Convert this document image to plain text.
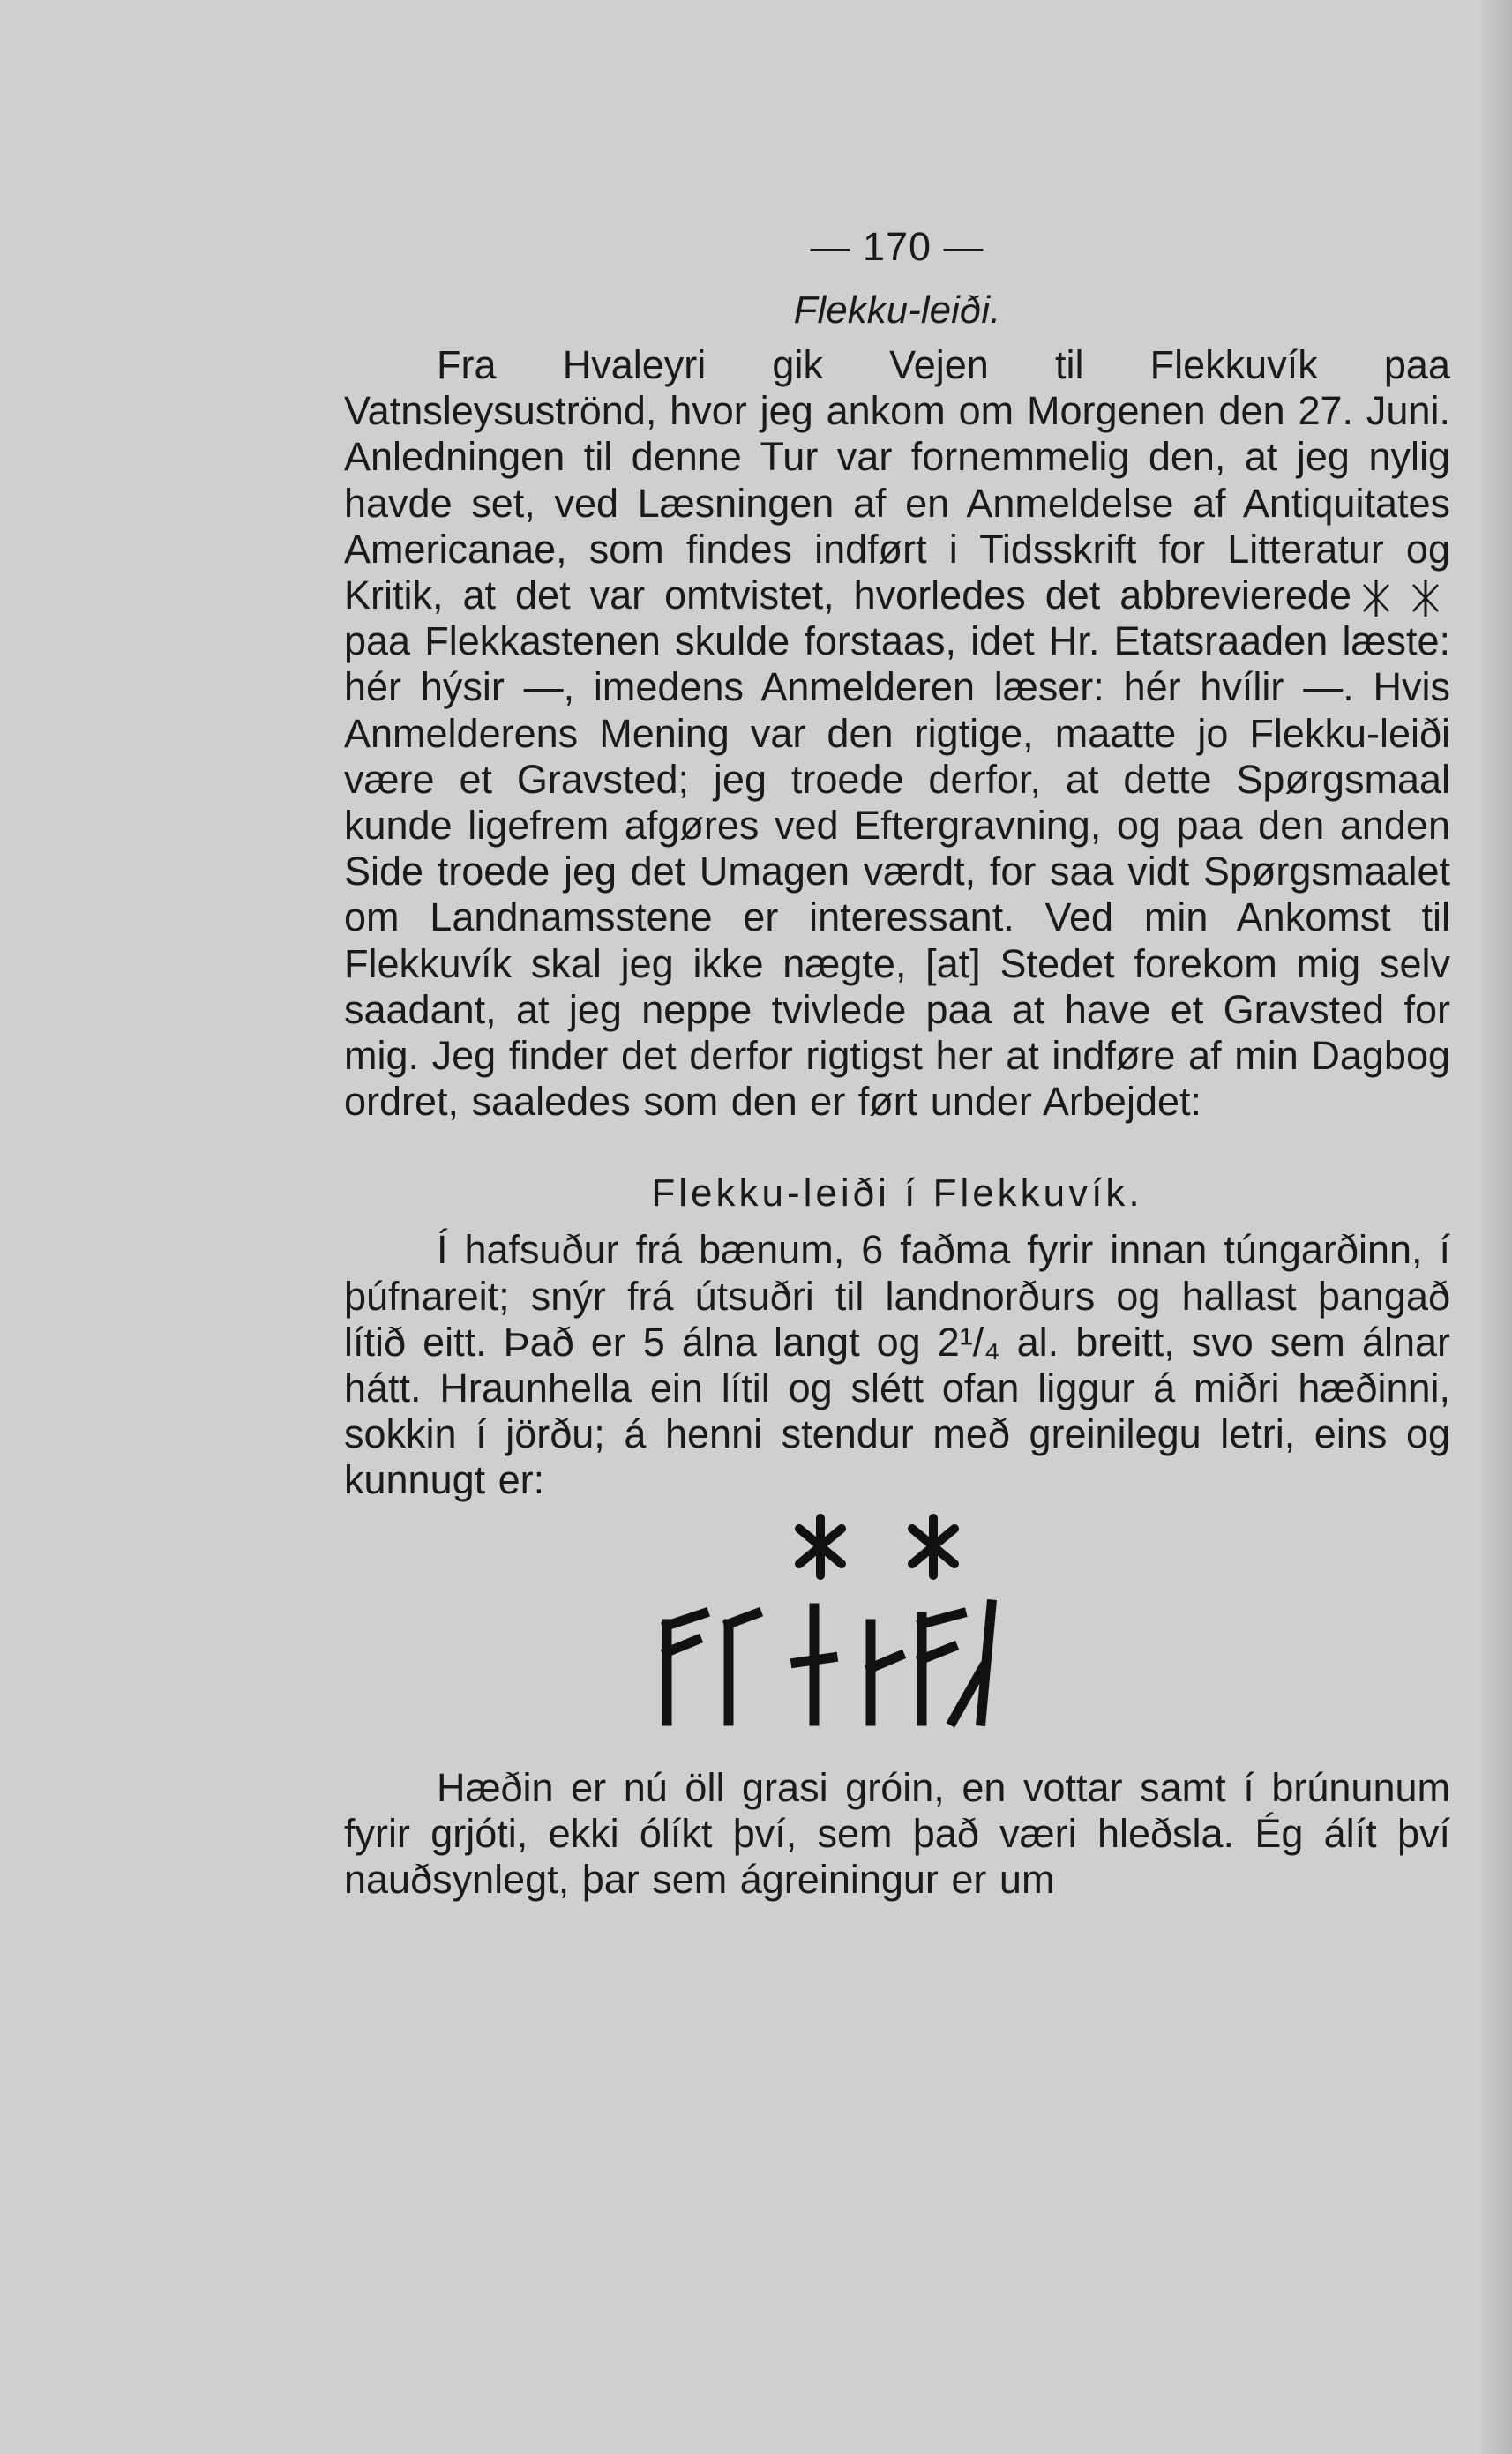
— 170 —
Flekku-leiði.

Fra Hvaleyri gik Vejen til Flekkuvík paa Vatnsleysuströnd, hvor jeg ankom om Morgenen den 27. Juni. Anledningen til denne Tur var fornemmelig den, at jeg nylig havde set, ved Læsningen af en Anmeldelse af Antiquitates Americanae, som findes indført i Tidsskrift for Litteratur og Kritik, at det var omtvistet, hvorledes det abbrevieredepaa Flekkastenen skulde forstaas, idet Hr. Etatsraaden læste: hér hýsir —, imedens Anmelderen læser: hér hvílir —. Hvis Anmelderens Mening var den rigtige, maatte jo Flekku-leiði være et Gravsted; jeg troede derfor, at dette Spørgsmaal kunde ligefrem afgøres ved Eftergravning, og paa den anden Side troede jeg det Umagen værdt, for saa vidt Spørgsmaalet om Landnamsstene er interessant. Ved min Ankomst til Flekkuvík skal jeg ikke nægte, [at] Stedet forekom mig selv saadant, at jeg neppe tvivlede paa at have et Gravsted for mig. Jeg finder det derfor rigtigst her at indføre af min Dagbog ordret, saaledes som den er ført under Arbejdet:

Flekku-leiði í Flekkuvík.

Í hafsuður frá bænum, 6 faðma fyrir innan túngarðinn, í þúfnareit; snýr frá útsuðri til landnorðurs og hallast þangað lítið eitt. Það er 5 álna langt og 2¹/₄ al. breitt, svo sem álnar hátt. Hraunhella ein lítil og slétt ofan liggur á miðri hæðinni, sokkin í jörðu; á henni stendur með greinilegu letri, eins og kunnugt er:

Hæðin er nú öll grasi gróin, en vottar samt í brúnunum fyrir grjóti, ekki ólíkt því, sem það væri hleðsla. Ég álít því nauðsynlegt, þar sem ágreiningur er um
